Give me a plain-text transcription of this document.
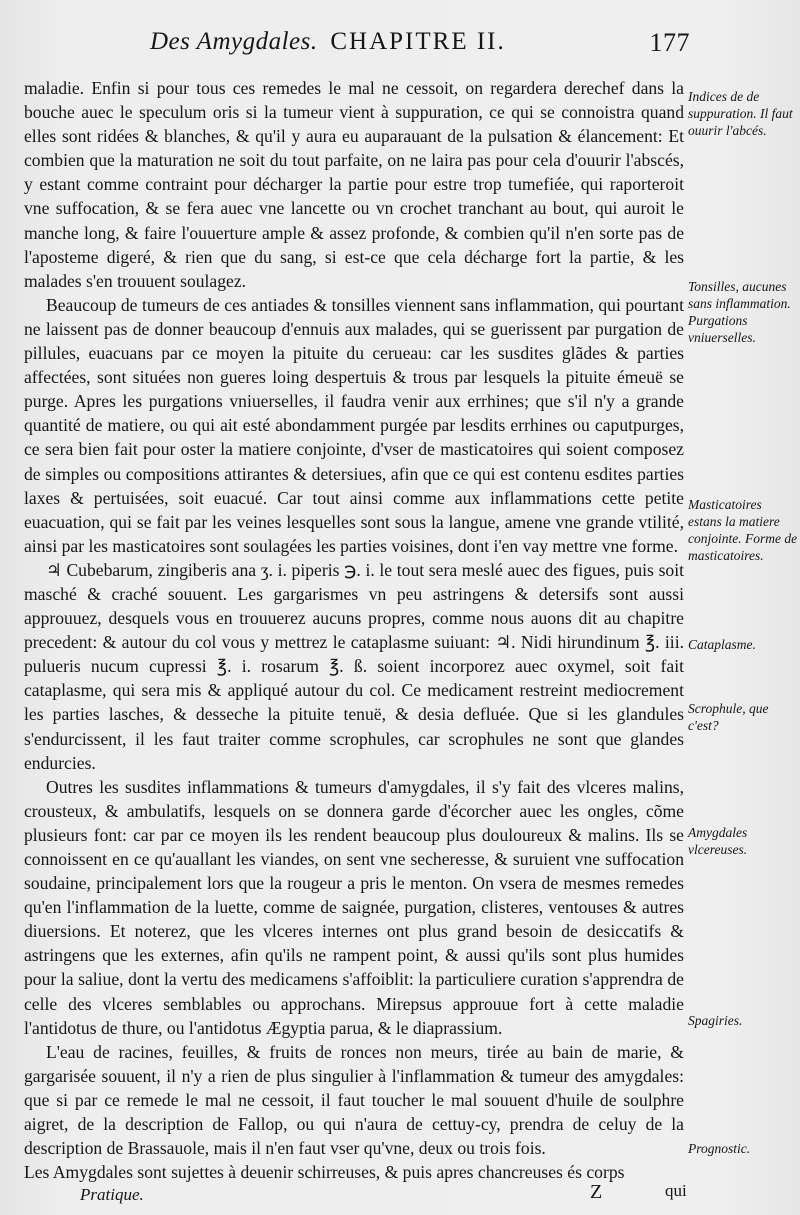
Des Amygdales. CHAPITRE II.	177

maladie. Enfin si pour tous ces remedes le mal ne cessoit, on regardera derechef dans la bouche auec le speculum oris si la tumeur vient à suppuration, ce qui se connoistra quand elles sont ridées & blanches, & qu'il y aura eu auparauant de la pulsation & élancement: Et combien que la maturation ne soit du tout parfaite, on ne laira pas pour cela d'ouurir l'abscés, y estant comme contraint pour décharger la partie pour estre trop tumefiée, qui raporteroit vne suffocation, & se fera auec vne lancette ou vn crochet tranchant au bout, qui auroit le manche long, & faire l'ouuerture ample & assez profonde, & combien qu'il n'en sorte pas de l'aposteme digeré, & rien que du sang, si est-ce que cela décharge fort la partie, & les malades s'en trouuent soulagez.

Beaucoup de tumeurs de ces antiades & tonsilles viennent sans inflammation, qui pourtant ne laissent pas de donner beaucoup d'ennuis aux malades, qui se guerissent par purgation de pillules, euacuans par ce moyen la pituite du cerueau: car les susdites glãdes & parties affectées, sont situées non gueres loing despertuis & trous par lesquels la pituite émeuë se purge. Apres les purgations vniuerselles, il faudra venir aux errhines; que s'il n'y a grande quantité de matiere, ou qui ait esté abondamment purgée par lesdits errhines ou caputpurges, ce sera bien fait pour oster la matiere conjointe, d'vser de masticatoires qui soient composez de simples ou compositions attirantes & detersiues, afin que ce qui est contenu esdites parties laxes & pertuisées, soit euacué. Car tout ainsi comme aux inflammations cette petite euacuation, qui se fait par les veines lesquelles sont sous la langue, amene vne grande vtilité, ainsi par les masticatoires sont soulagées les parties voisines, dont i'en vay mettre vne forme.

♃ Cubebarum, zingiberis ana ʒ. i. piperis ℈. i. le tout sera meslé auec des figues, puis soit masché & craché souuent. Les gargarismes vn peu astringens & detersifs sont aussi approuuez, desquels vous en trouuerez aucuns propres, comme nous auons dit au chapitre precedent: & autour du col vous y mettrez le cataplasme suiuant: ♃. Nidi hirundinum ℥. iii. pulueris nucum cupressi ℥. i. rosarum ℥. ß. soient incorporez auec oxymel, soit fait cataplasme, qui sera mis & appliqué autour du col. Ce medicament restreint mediocrement les parties lasches, & desseche la pituite tenuë, & desia defluée. Que si les glandules s'endurcissent, il les faut traiter comme scrophules, car scrophules ne sont que glandes endurcies.

Outres les susdites inflammations & tumeurs d'amygdales, il s'y fait des vlceres malins, crousteux, & ambulatifs, lesquels on se donnera garde d'écorcher auec les ongles, cõme plusieurs font: car par ce moyen ils les rendent beaucoup plus douloureux & malins. Ils se connoissent en ce qu'auallant les viandes, on sent vne secheresse, & suruient vne suffocation soudaine, principalement lors que la rougeur a pris le menton. On vsera de mesmes remedes qu'en l'inflammation de la luette, comme de saignée, purgation, clisteres, ventouses & autres diuersions. Et noterez, que les vlceres internes ont plus grand besoin de desiccatifs & astringens que les externes, afin qu'ils ne rampent point, & aussi qu'ils sont plus humides pour la saliue, dont la vertu des medicamens s'affoiblit: la particuliere curation s'apprendra de celle des vlceres semblables ou approchans. Mirepsus approuue fort à cette maladie l'antidotus de thure, ou l'antidotus Ægyptia parua, & le diaprassium.

L'eau de racines, feuilles, & fruits de ronces non meurs, tirée au bain de marie, & gargarisée souuent, il n'y a rien de plus singulier à l'inflammation & tumeur des amygdales: que si par ce remede le mal ne cessoit, il faut toucher le mal souuent d'huile de soulphre aigret, de la description de Fallop, ou qui n'aura de cettuy-cy, prendra de celuy de la description de Brassauole, mais il n'en faut vser qu'vne, deux ou trois fois.

Les Amygdales sont sujettes à deuenir schirreuses, & puis apres chancreuses és corps

Indices de de suppuration. Il faut ouurir l'abcés.
Tonsilles, aucunes sans inflammation. Purgations vniuerselles.
Masticatoires estans la matiere conjointe. Forme de masticatoires.
Cataplasme.
Scrophule, que c'est?
Amygdales vlcereuses.
Spagiries.
Prognostic.
Pratique.	Z	qui
